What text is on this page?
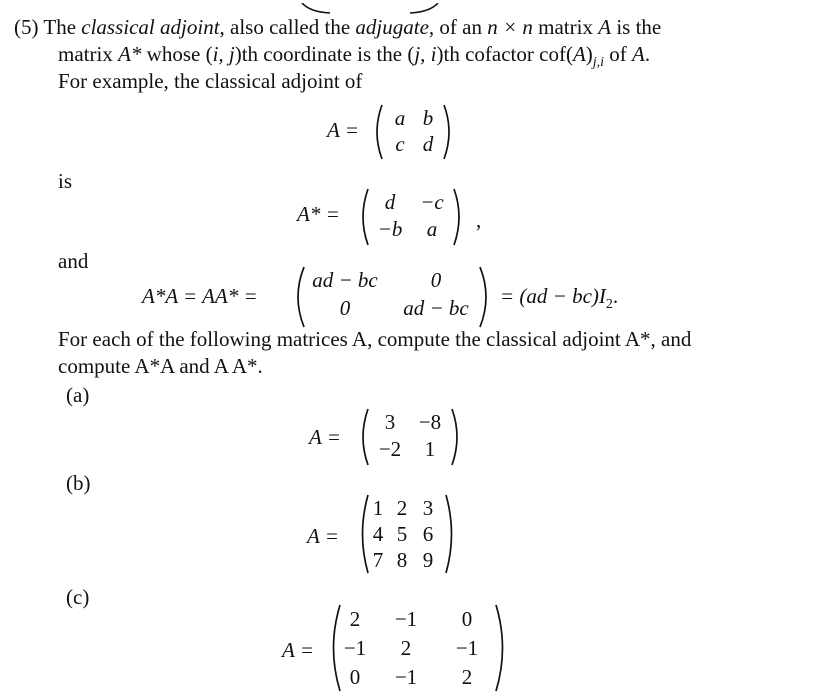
(5) The classical adjoint, also called the adjugate, of an n × n matrix A is the
matrix A* whose (i, j)th coordinate is the (j, i)th cofactor $cof(A)_{j,i}$ of A.
For example, the classical adjoint of
A =	a b
c d
is
A* =	d −c
−b a	,
and
A*A = AA* =
ad − bc	0
0	ad − bc	= $(ad - bc)I_2$.
For each of the following matrices A, compute the classical adjoint A*, and
compute A*A and A A*.
(a)
A =
3 −8
−2 1
(b)
A =
1 2 3
4 5 6
7 8 9
(c)
A =
2 −1 0
−1 2 −1
0 −1 2
